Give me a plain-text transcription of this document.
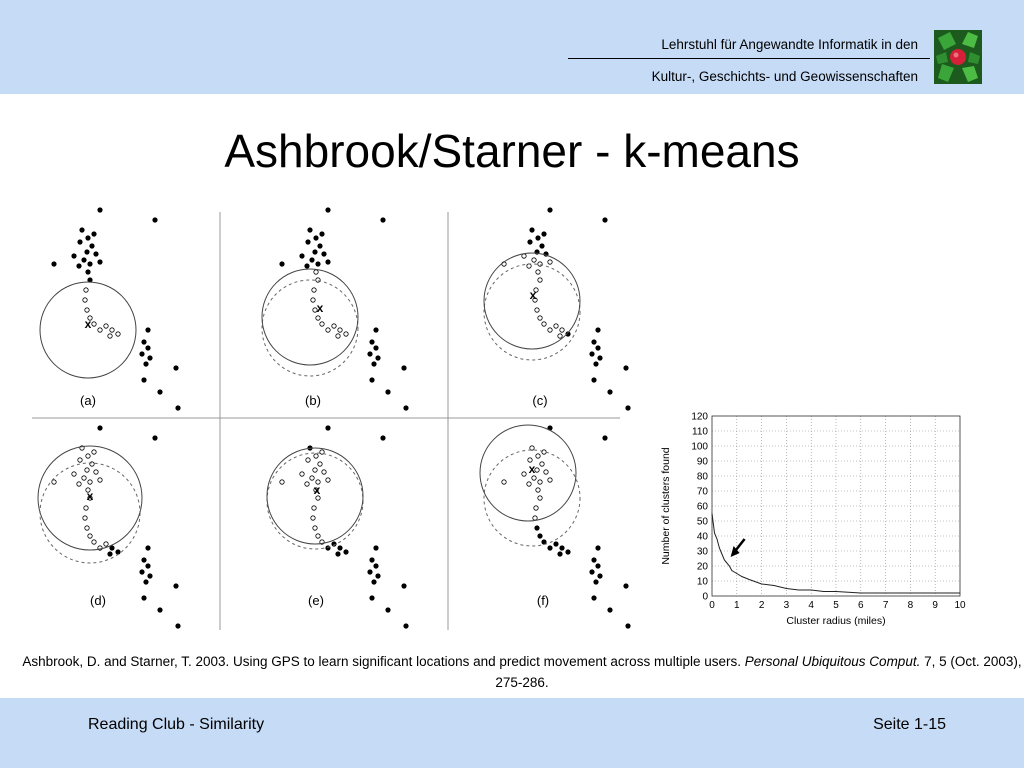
Lehrstuhl für Angewandte Informatik in den
Kultur-, Geschichts- und Geowissenschaften
Ashbrook/Starner - k-means
x
(a)
x
(b)
x
(c)
x
(d)
x
(e)
x
(f)	0
10
20
30
40
50
60
70
80
90
100
110
120
0 1 2 3 4 5 6 7 8 9 10
Cluster radius (miles)
Number of clusters found
Ashbrook, D. and Starner, T. 2003. Using GPS to learn significant locations and predict movement across multiple users. Personal Ubiquitous Comput. 7, 5 (Oct. 2003), 275-286.
Reading Club - Similarity	Seite 1-15
